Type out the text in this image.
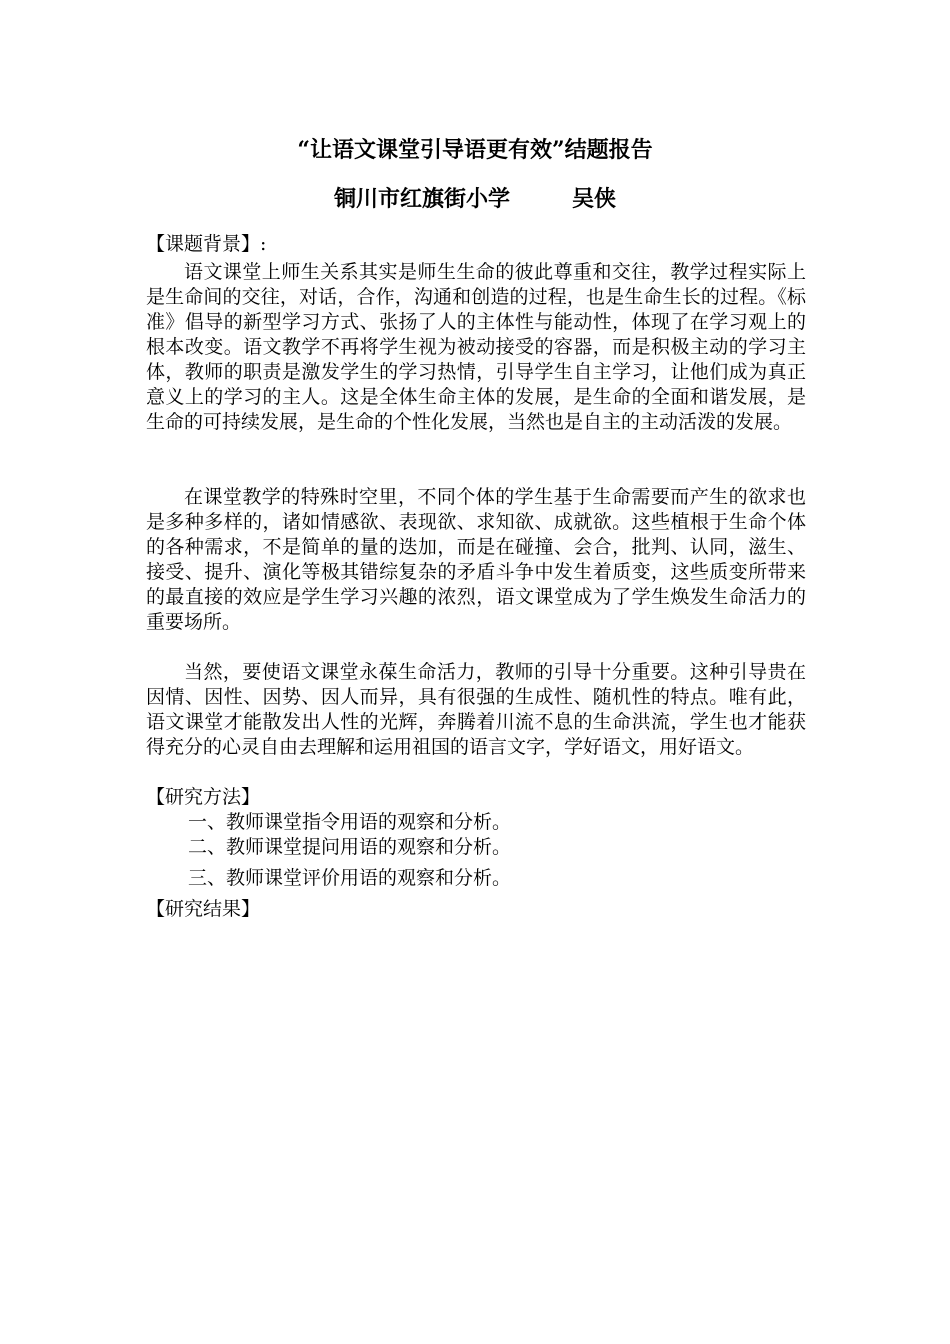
“让语文课堂引导语更有效”结题报告
铜川市红旗街小学	吴侠
【课题背景】:

语文课堂上师生关系其实是师生生命的彼此尊重和交往，教学过程实际上是生命间的交往，对话，合作，沟通和创造的过程，也是生命生长的过程。《标准》倡导的新型学习方式、张扬了人的主体性与能动性，体现了在学习观上的根本改变。语文教学不再将学生视为被动接受的容器，而是积极主动的学习主体，教师的职责是激发学生的学习热情，引导学生自主学习，让他们成为真正意义上的学习的主人。这是全体生命主体的发展，是生命的全面和谐发展，是生命的可持续发展，是生命的个性化发展，当然也是自主的主动活泼的发展。

在课堂教学的特殊时空里，不同个体的学生基于生命需要而产生的欲求也是多种多样的，诸如情感欲、表现欲、求知欲、成就欲。这些植根于生命个体的各种需求，不是简单的量的迭加，而是在碰撞、会合，批判、认同，滋生、接受、提升、演化等极其错综复杂的矛盾斗争中发生着质变，这些质变所带来的最直接的效应是学生学习兴趣的浓烈，语文课堂成为了学生焕发生命活力的重要场所。

当然，要使语文课堂永葆生命活力，教师的引导十分重要。这种引导贵在因情、因性、因势、因人而异，具有很强的生成性、随机性的特点。唯有此，语文课堂才能散发出人性的光辉，奔腾着川流不息的生命洪流，学生也才能获得充分的心灵自由去理解和运用祖国的语言文字，学好语文，用好语文。

【研究方法】
一、教师课堂指令用语的观察和分析。
二、教师课堂提问用语的观察和分析。
三、教师课堂评价用语的观察和分析。
【研究结果】
